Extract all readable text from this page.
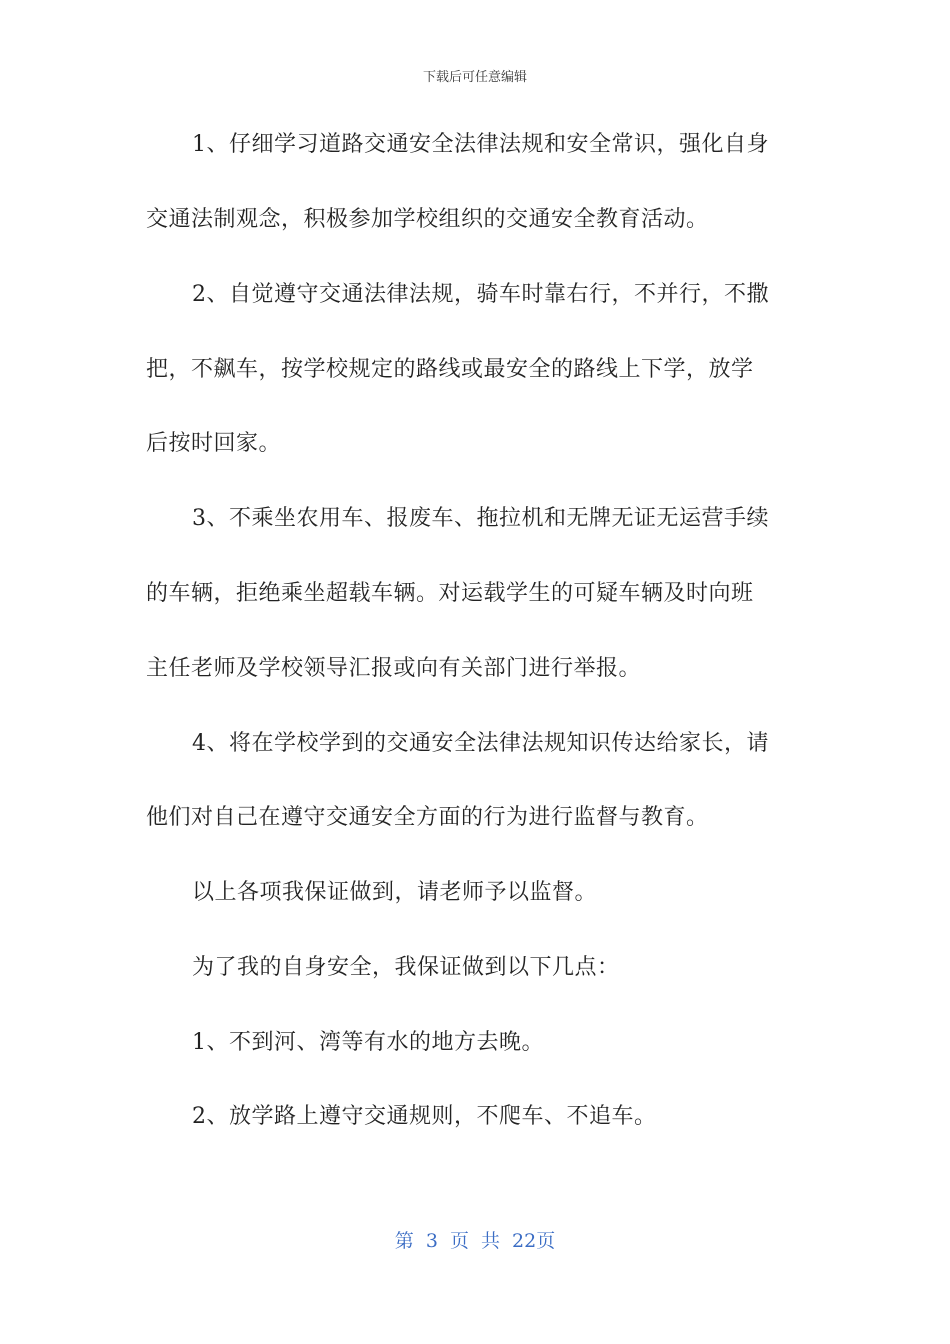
下载后可任意编辑
1、仔细学习道路交通安全法律法规和安全常识，强化自身
交通法制观念，积极参加学校组织的交通安全教育活动。
2、自觉遵守交通法律法规，骑车时靠右行，不并行，不撒
把，不飙车，按学校规定的路线或最安全的路线上下学，放学
后按时回家。
3、不乘坐农用车、报废车、拖拉机和无牌无证无运营手续
的车辆，拒绝乘坐超载车辆。对运载学生的可疑车辆及时向班
主任老师及学校领导汇报或向有关部门进行举报。
4、将在学校学到的交通安全法律法规知识传达给家长，请
他们对自己在遵守交通安全方面的行为进行监督与教育。
以上各项我保证做到，请老师予以监督。
为了我的自身安全，我保证做到以下几点：
1、不到河、湾等有水的地方去晚。
2、放学路上遵守交通规则，不爬车、不追车。
第 3 页 共 22页
